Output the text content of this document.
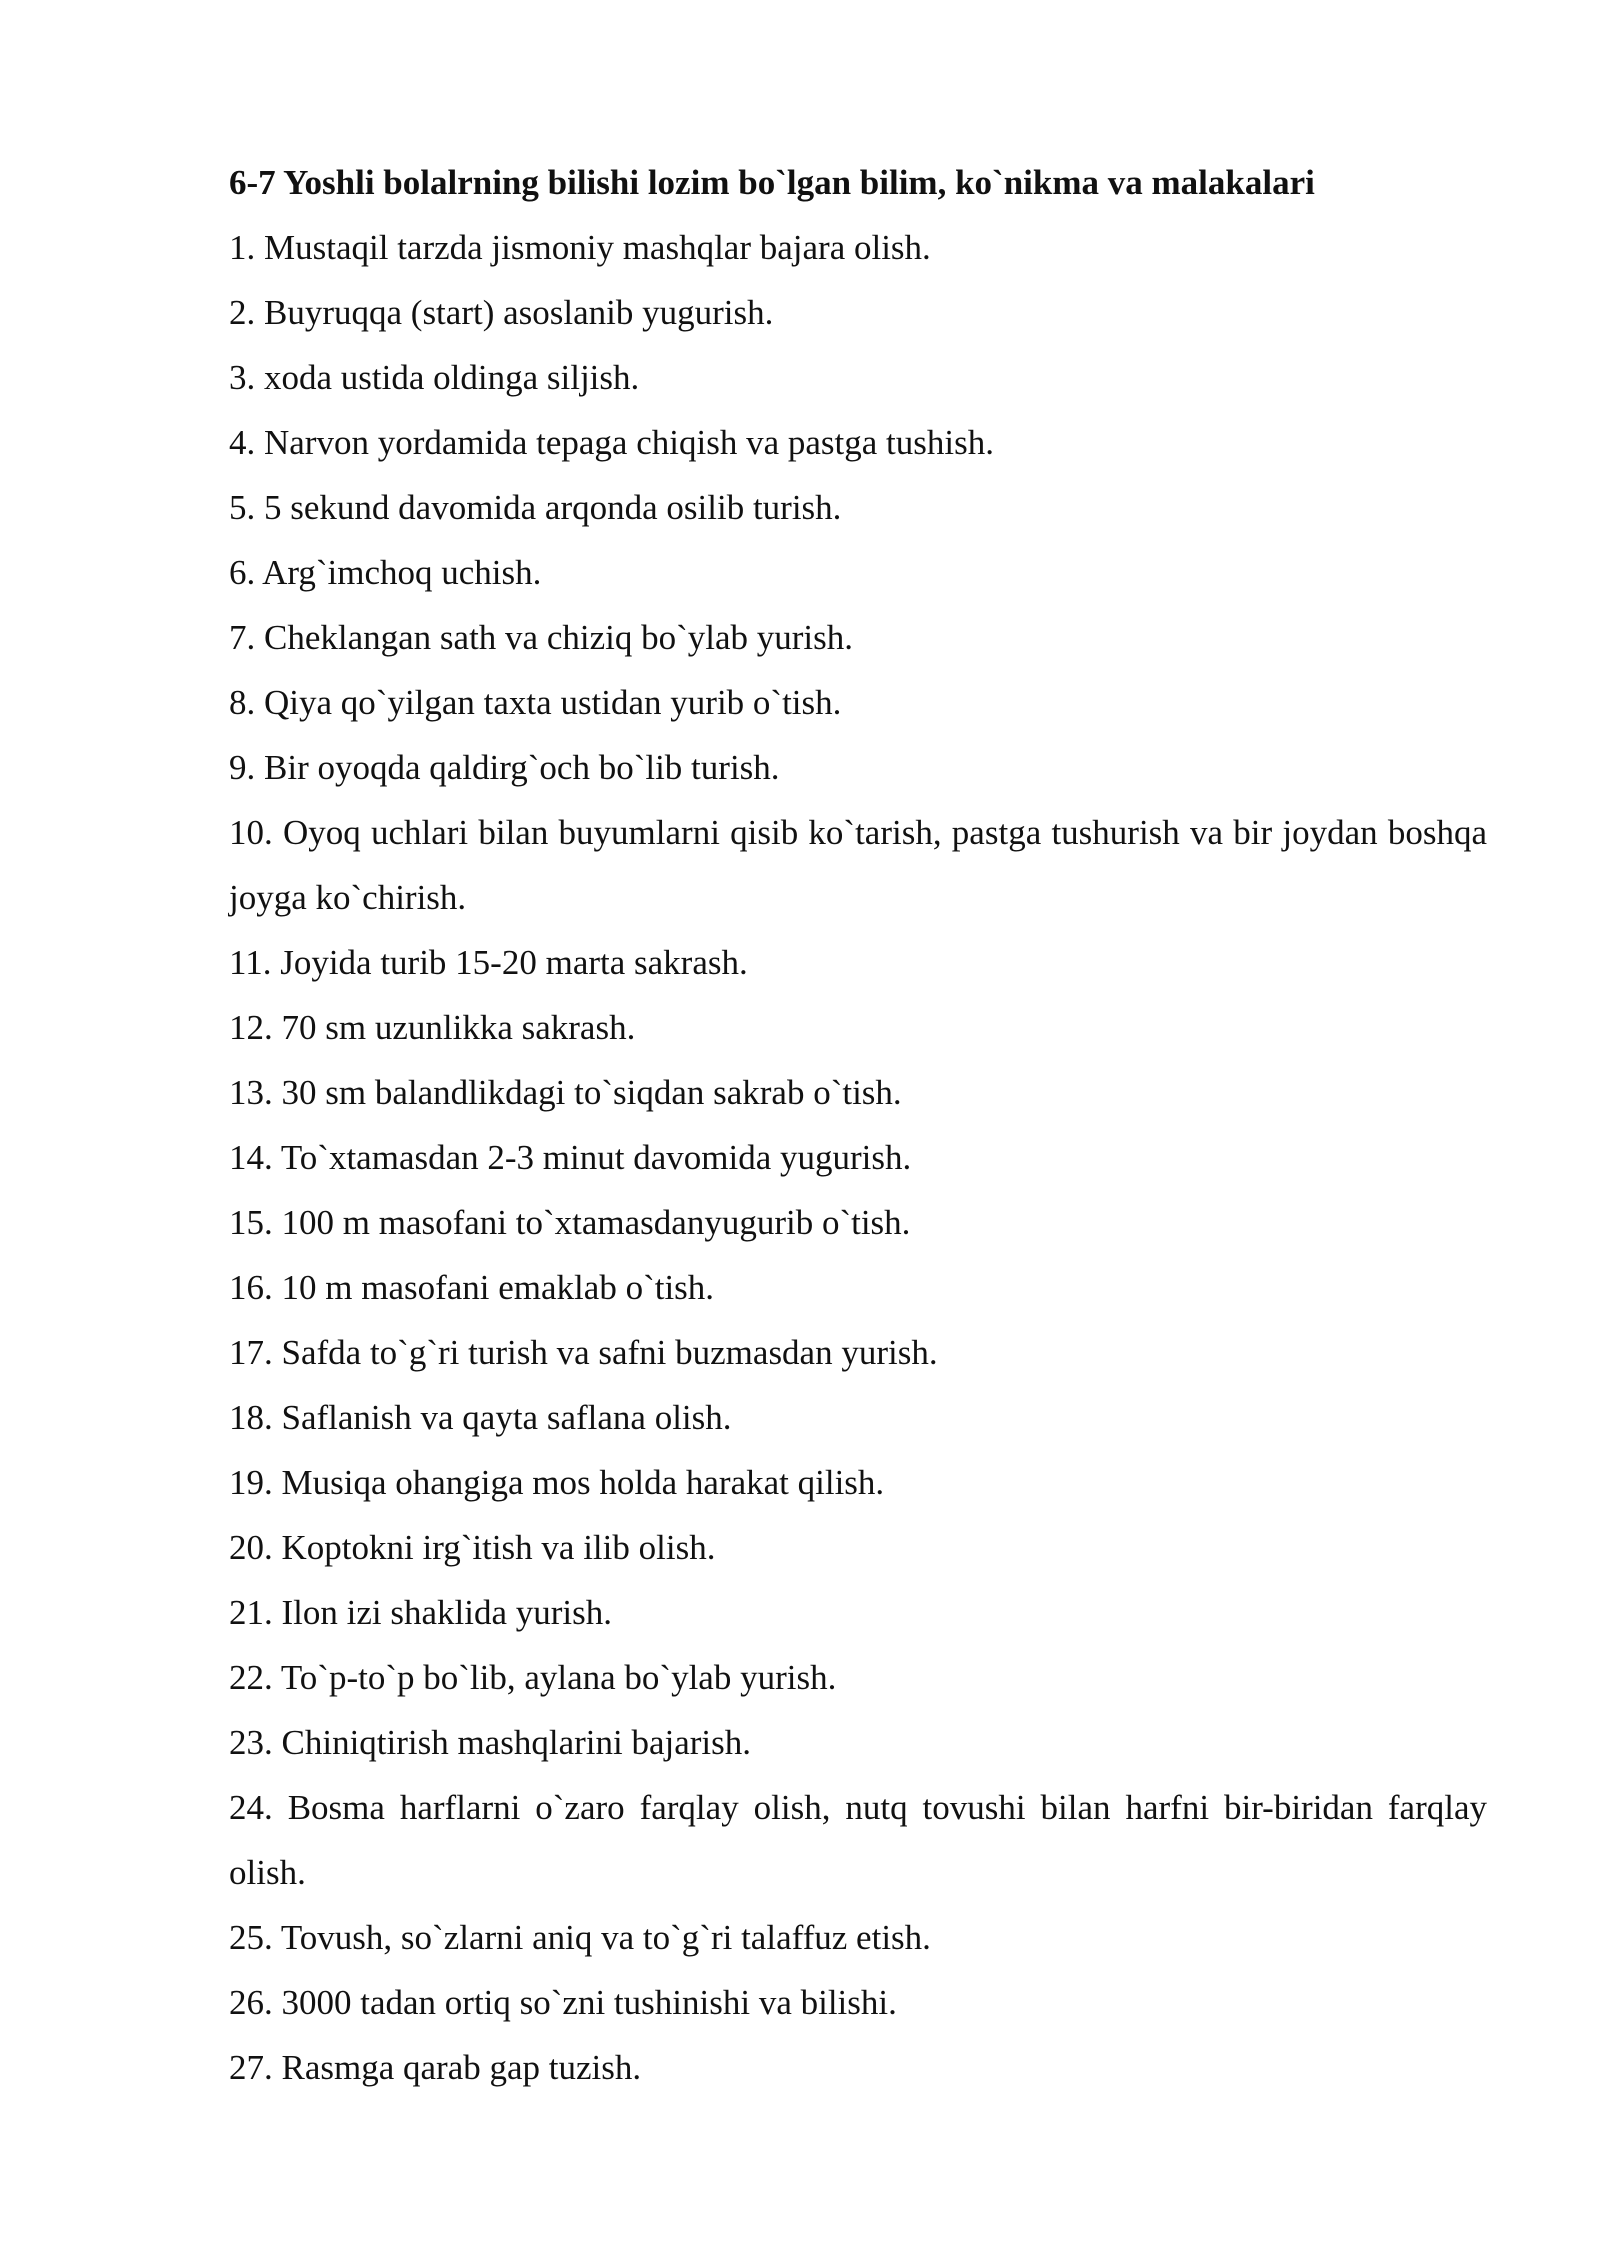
6-7 Yoshli bolalrning bilishi lozim bo`lgan bilim, ko`nikma va malakalari
1. Mustaqil tarzda jismoniy mashqlar bajara olish.
2. Buyruqqa (start) asoslanib yugurish.
3. xoda ustida oldinga siljish.
4. Narvon yordamida tepaga chiqish va pastga tushish.
5. 5 sekund davomida arqonda osilib turish.
6. Arg`imchoq uchish.
7. Cheklangan sath va chiziq bo`ylab yurish.
8. Qiya qo`yilgan taxta ustidan yurib o`tish.
9. Bir oyoqda qaldirg`och bo`lib turish.
10. Oyoq uchlari bilan buyumlarni qisib ko`tarish, pastga tushurish va bir joydan boshqa joyga ko`chirish.
11. Joyida turib 15-20 marta sakrash.
12. 70 sm uzunlikka sakrash.
13. 30 sm balandlikdagi to`siqdan sakrab o`tish.
14. To`xtamasdan 2-3 minut davomida yugurish.
15. 100 m masofani to`xtamasdanyugurib o`tish.
16. 10 m masofani emaklab o`tish.
17. Safda to`g`ri turish va safni buzmasdan yurish.
18. Saflanish va qayta saflana olish.
19. Musiqa ohangiga mos holda harakat qilish.
20. Koptokni irg`itish va ilib olish.
21. Ilon izi shaklida yurish.
22. To`p-to`p bo`lib, aylana bo`ylab yurish.
23. Chiniqtirish mashqlarini bajarish.
24. Bosma harflarni o`zaro farqlay olish, nutq tovushi bilan harfni bir-biridan farqlay olish.
25. Tovush, so`zlarni aniq va to`g`ri talaffuz etish.
26. 3000 tadan ortiq so`zni tushinishi va bilishi.
27. Rasmga qarab gap tuzish.
